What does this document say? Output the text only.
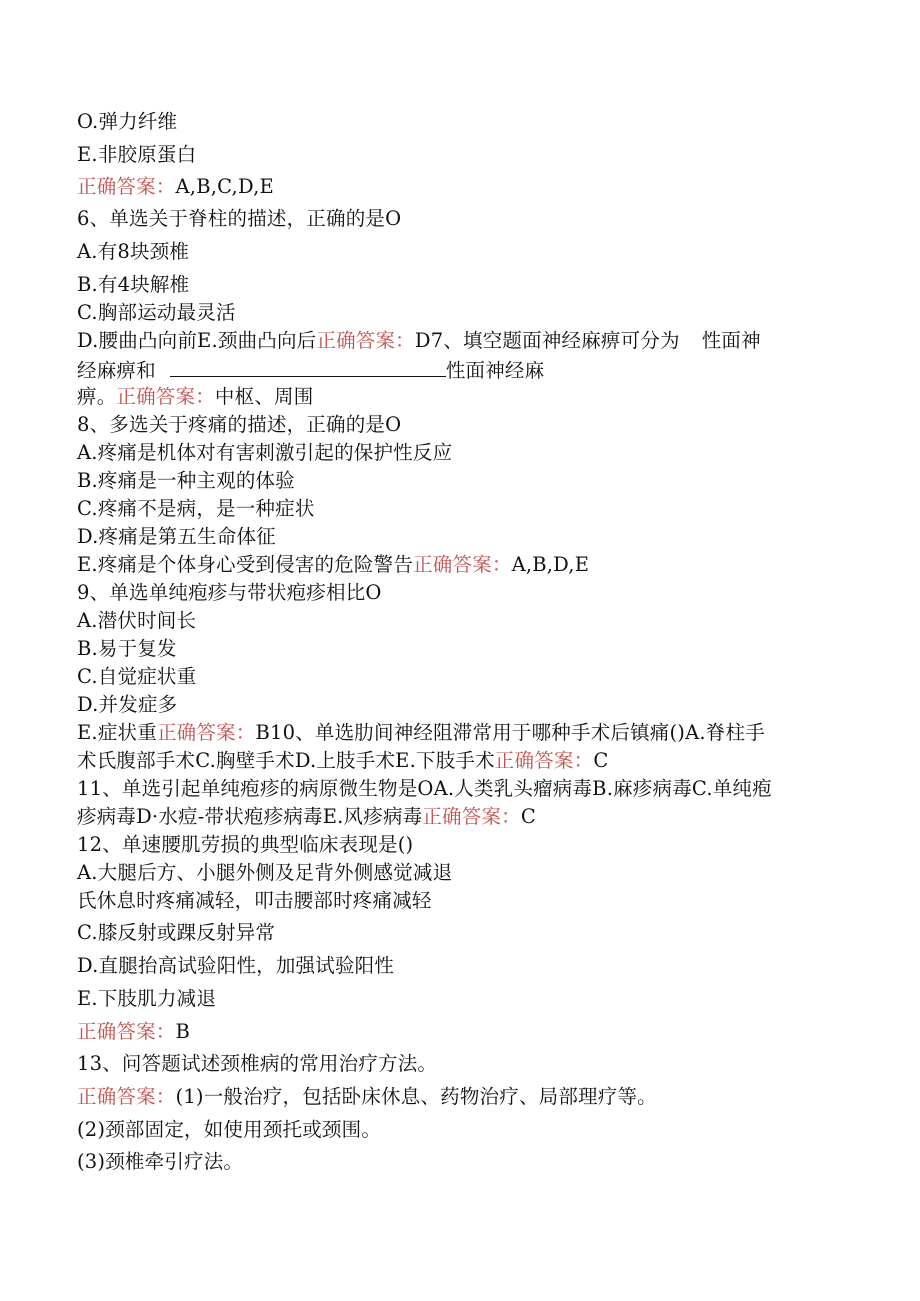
O.弹力纤维
E.非胶原蛋白
正确答案：A,B,C,D,E
6、单选关于脊柱的描述，正确的是O
A.有8块颈椎
B.有4块解椎
C.胸部运动最灵活
D.腰曲凸向前E.颈曲凸向后正确答案：D7、填空题面神经麻痹可分为 性面神
经麻痹和	性面神经麻
痹。正确答案：中枢、周围
8、多选关于疼痛的描述，正确的是O
A.疼痛是机体对有害刺激引起的保护性反应
B.疼痛是一种主观的体验
C.疼痛不是病，是一种症状
D.疼痛是第五生命体征
E.疼痛是个体身心受到侵害的危险警告正确答案：A,B,D,E
9、单选单纯疱疹与带状疱疹相比O
A.潜伏时间长
B.易于复发
C.自觉症状重
D.并发症多
E.症状重正确答案：B10、单选肋间神经阻滞常用于哪种手术后镇痛()A.脊柱手
术氏腹部手术C.胸壁手术D.上肢手术E.下肢手术正确答案：C
11、单选引起单纯疱疹的病原微生物是OA.人类乳头瘤病毒B.麻疹病毒C.单纯疱
疹病毒D·水痘-带状疱疹病毒E.风疹病毒正确答案：C
12、单速腰肌劳损的典型临床表现是()
A.大腿后方、小腿外侧及足背外侧感觉减退
氏休息时疼痛减轻，叩击腰部时疼痛减轻
C.膝反射或踝反射异常
D.直腿抬高试验阳性，加强试验阳性
E.下肢肌力减退
正确答案：B
13、问答题试述颈椎病的常用治疗方法。
正确答案：(1)一般治疗，包括卧床休息、药物治疗、局部理疗等。
(2)颈部固定，如使用颈托或颈围。
(3)颈椎牵引疗法。
